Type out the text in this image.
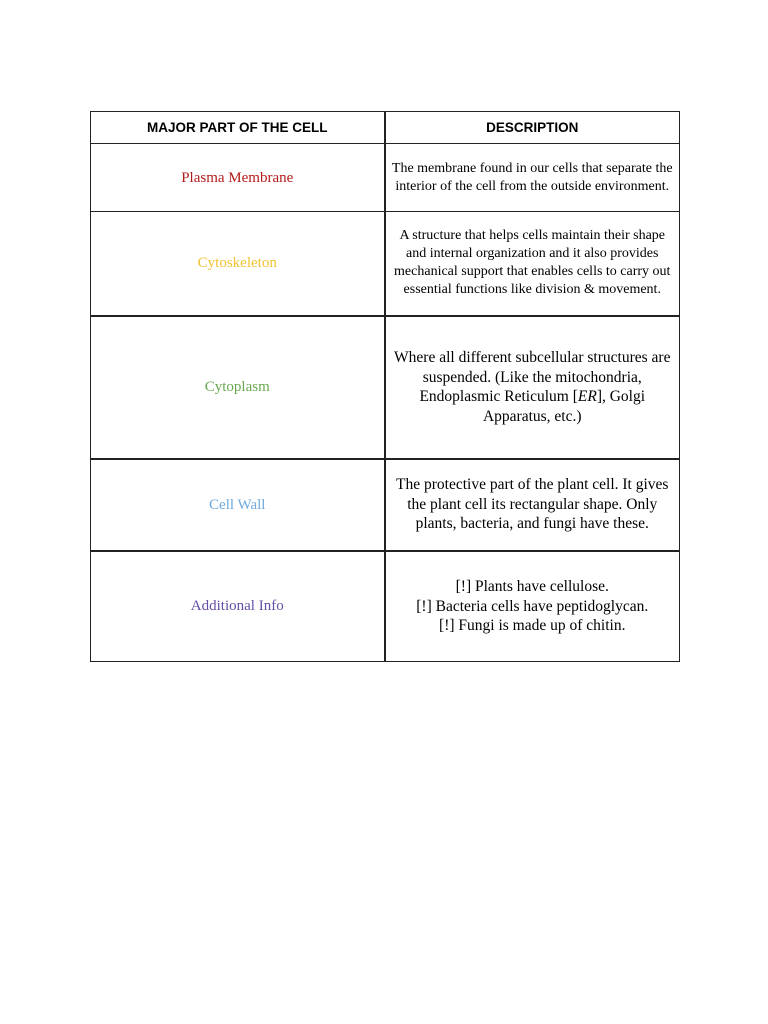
MAJOR PART OF THE CELL	DESCRIPTION
Plasma Membrane	The membrane found in our cells that separate the interior of the cell from the outside environment.
Cytoskeleton	A structure that helps cells maintain their shape and internal organization and it also provides mechanical support that enables cells to carry out essential functions like division & movement.
Cytoplasm	Where all different subcellular structures are suspended. (Like the mitochondria, Endoplasmic Reticulum [ER], Golgi Apparatus, etc.)
Cell Wall	The protective part of the plant cell. It gives the plant cell its rectangular shape. Only plants, bacteria, and fungi have these.
Additional Info	[!] Plants have cellulose.
[!] Bacteria cells have peptidoglycan.
[!] Fungi is made up of chitin.
